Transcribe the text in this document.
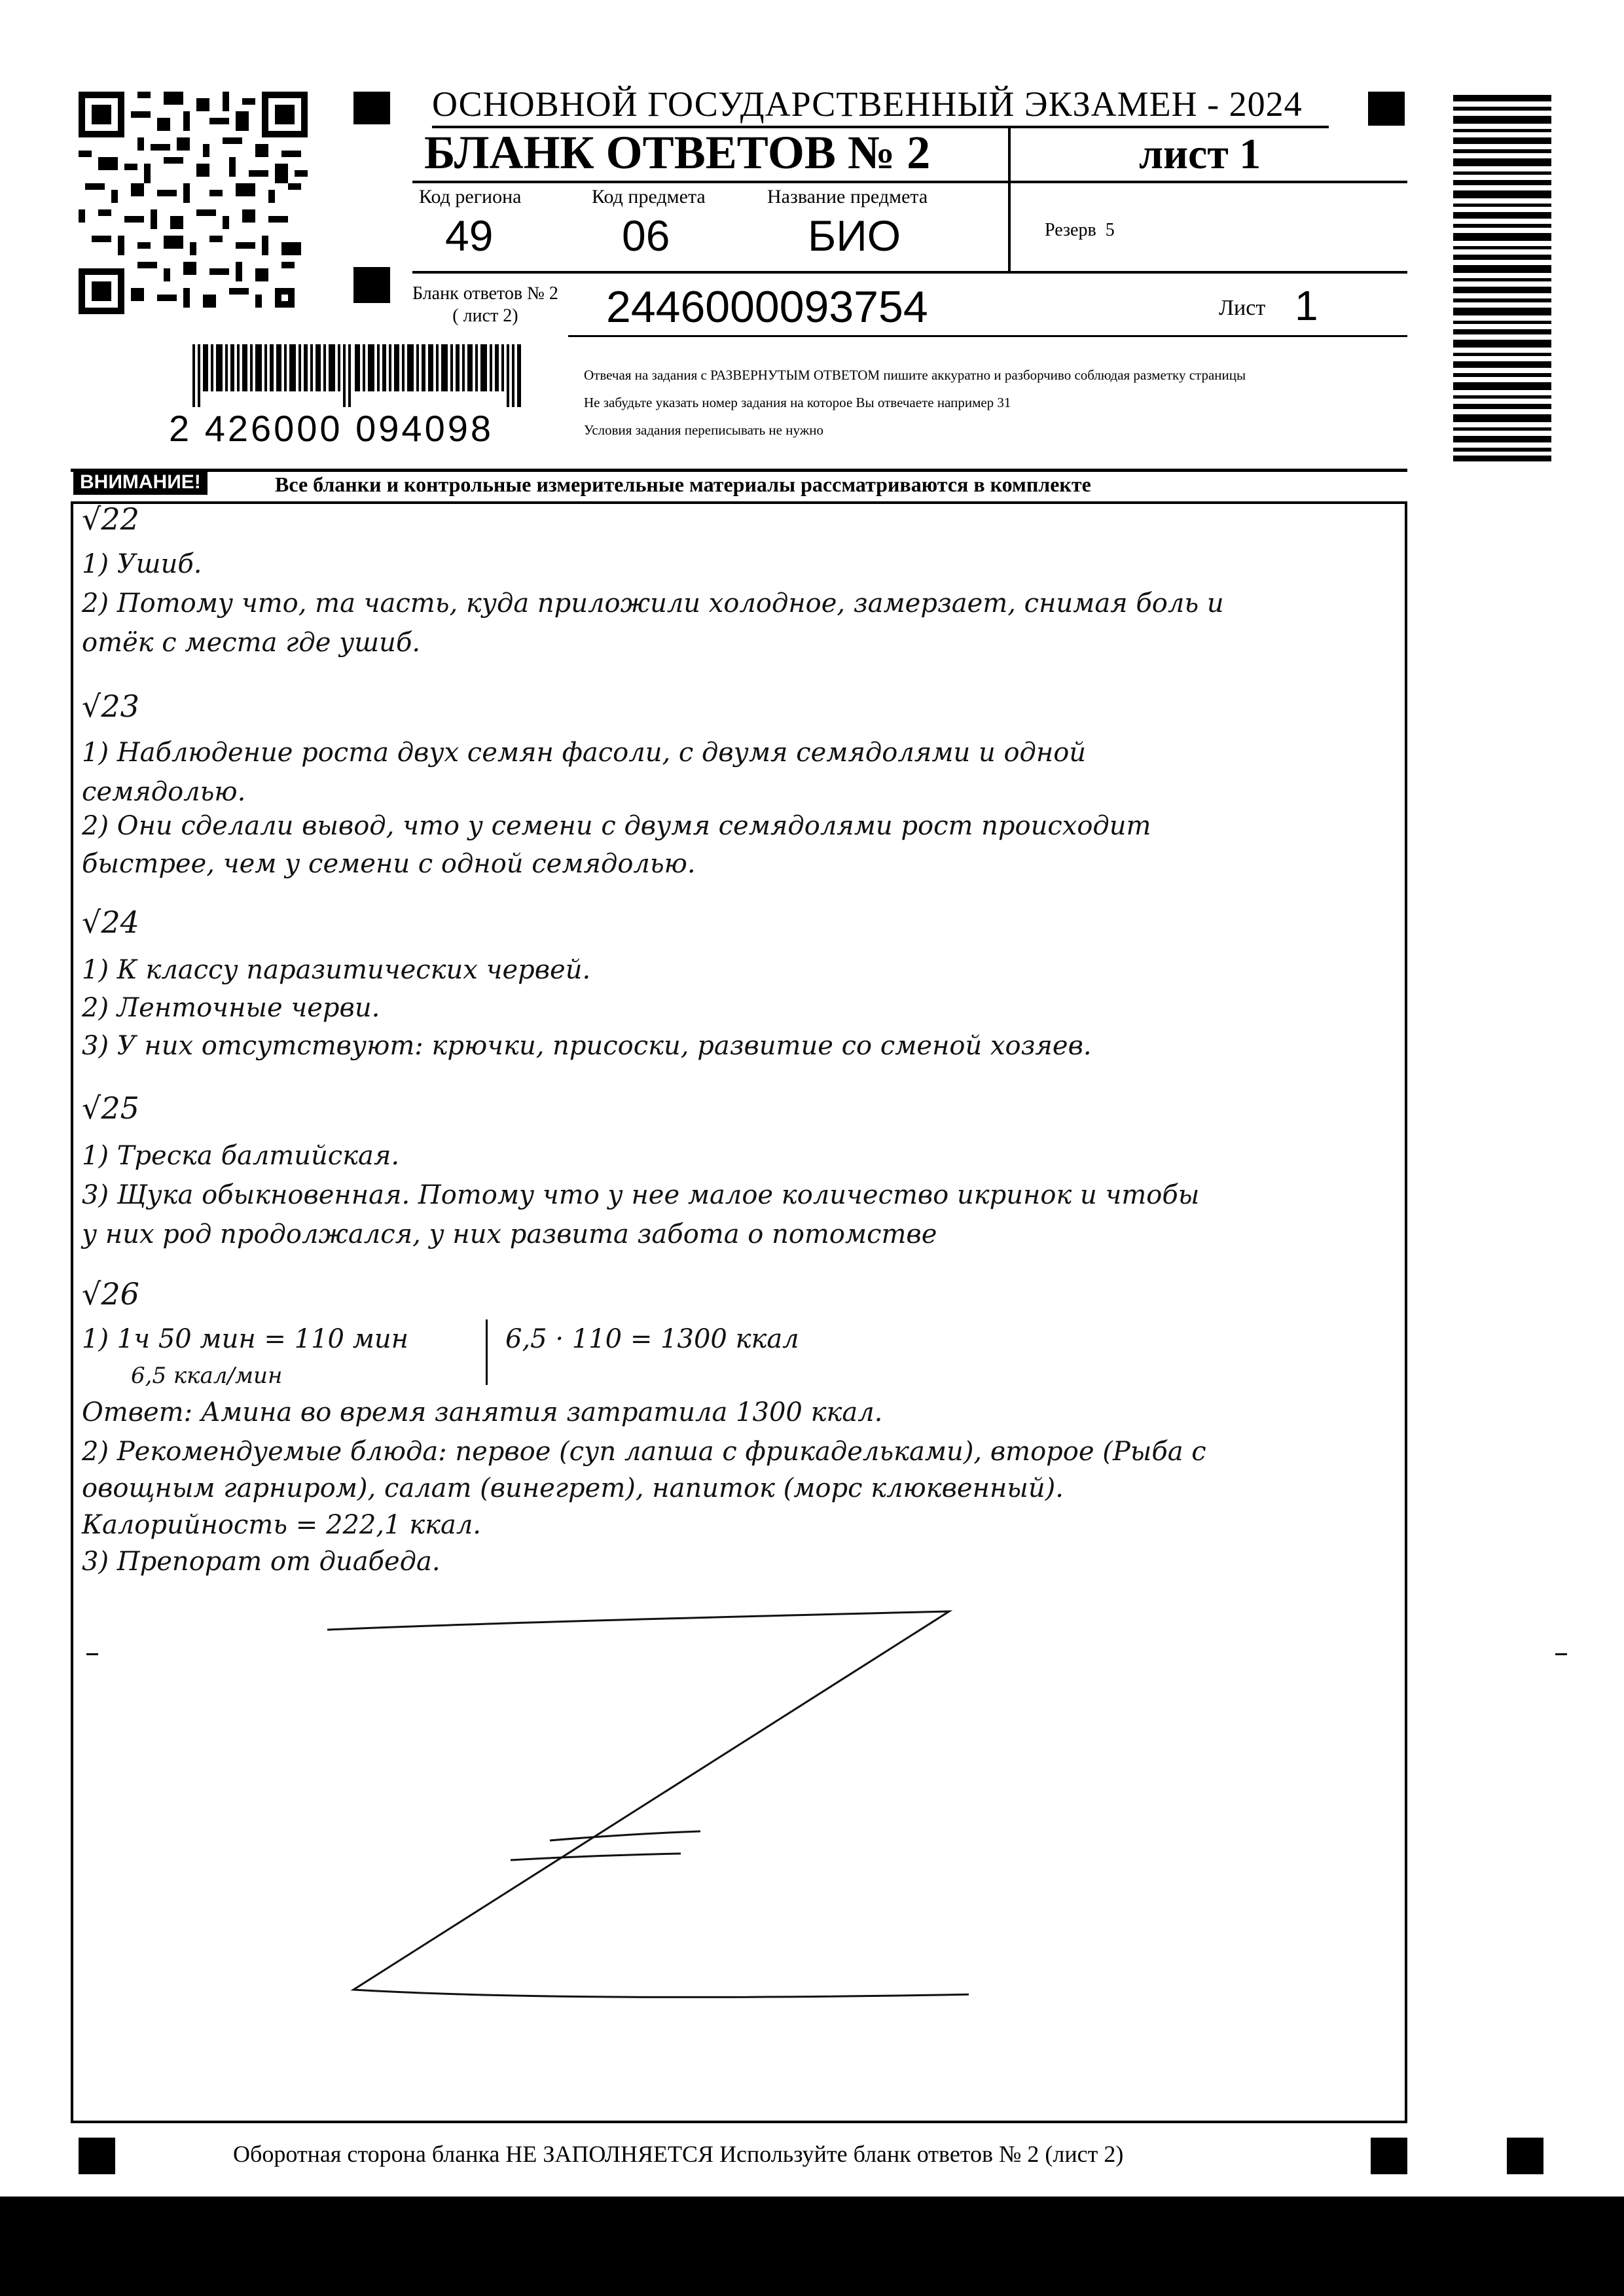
ОСНОВНОЙ ГОСУДАРСТВЕННЫЙ ЭКЗАМЕН - 2024
БЛАНК ОТВЕТОВ № 2	лист 1
Код региона
49
Код предмета
06
Название предмета
БИО	Резерв 5
Бланк ответов № 2
( лист 2)	2446000093754	Лист 1
2 426000 094098
Отвечая на задания с РАЗВЕРНУТЫМ ОТВЕТОМ пишите аккуратно и разборчиво соблюдая разметку страницы
Не забудьте указать номер задания на которое Вы отвечаете например 31
Условия задания переписывать не нужно
ВНИМАНИЕ!	Все бланки и контрольные измерительные материалы рассматриваются в комплекте
√22
1) Ушиб.
2) Потому что, та часть, куда приложили холодное, замерзает, снимая боль и
отёк с места где ушиб.
√23
1) Наблюдение роста двух семян фасоли, с двумя семядолями и одной
семядолью.
2) Они сделали вывод, что у семени с двумя семядолями рост происходит
быстрее, чем у семени с одной семядолью.
√24
1) К классу паразитических червей.
2) Ленточные черви.
3) У них отсутствуют: крючки, присоски, развитие со сменой хозяев.
√25
1) Треска балтийская.
3) Щука обыкновенная. Потому что у нее малое количество икринок и чтобы
у них род продолжался, у них развита забота о потомстве
√26
1) 1ч 50 мин = 110 мин
6,5 ккал/мин
6,5 · 110 = 1300 ккал
Ответ: Амина во время занятия затратила 1300 ккал.
2) Рекомендуемые блюда: первое (суп лапша с фрикадельками), второе (Рыба с
овощным гарниром), салат (винегрет), напиток (морс клюквенный).
Калорийность = 222,1 ккал.
3) Препорат от диабеда.
Оборотная сторона бланка НЕ ЗАПОЛНЯЕТСЯ Используйте бланк ответов № 2 (лист 2)
